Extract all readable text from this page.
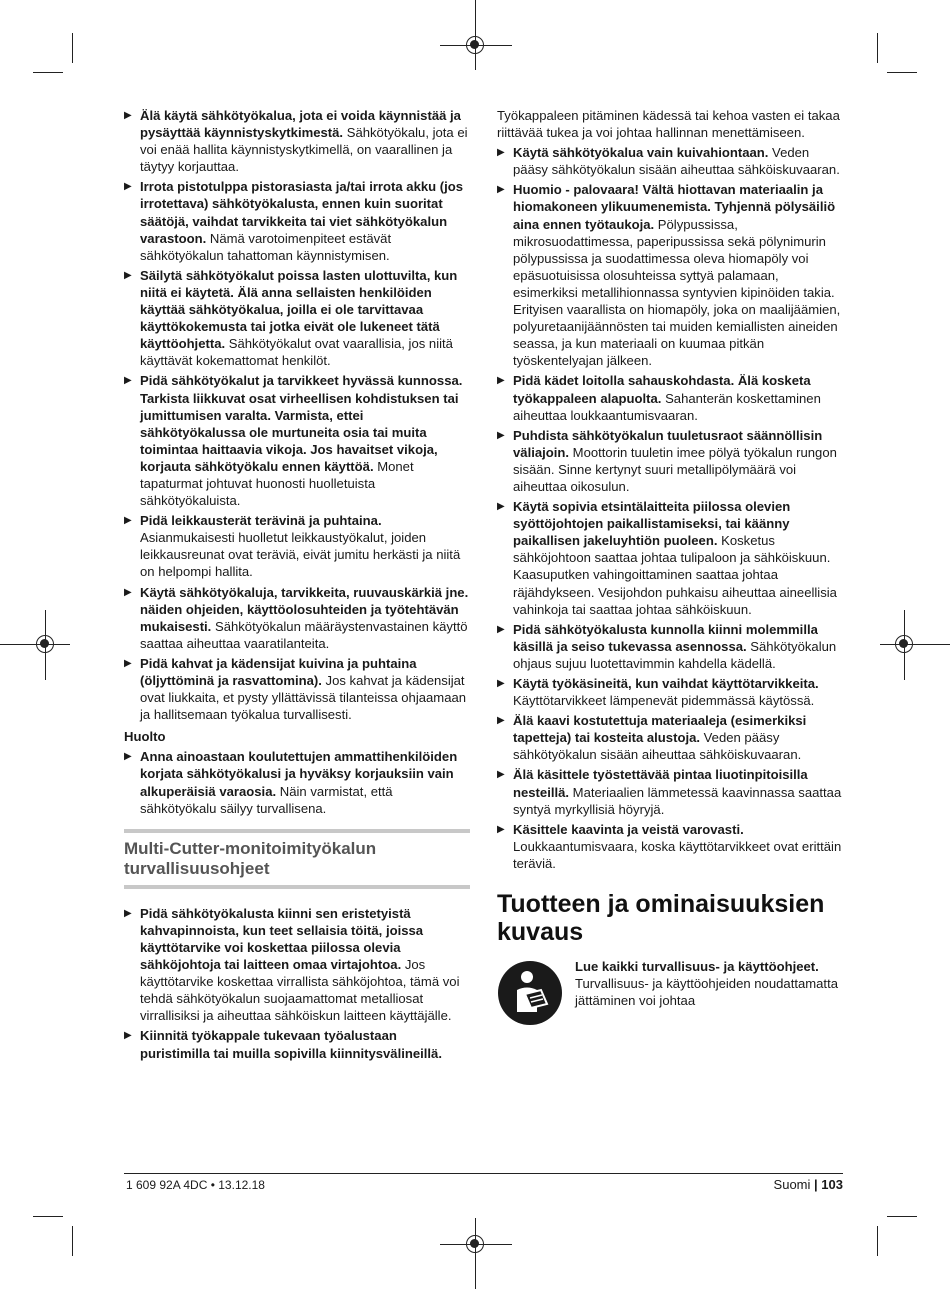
▶ Älä käytä sähkötyökalua, jota ei voida käynnistää ja pysäyttää käynnistyskytkimestä. Sähkötyökalu, jota ei voi enää hallita käynnistyskytkimellä, on vaarallinen ja täytyy korjauttaa.
▶ Irrota pistotulppa pistorasiasta ja/tai irrota akku (jos irrotettava) sähkötyökalusta, ennen kuin suoritat säätöjä, vaihdat tarvikkeita tai viet sähkötyökalun varastoon. Nämä varotoimenpiteet estävät sähkötyökalun tahattoman käynnistymisen.
▶ Säilytä sähkötyökalut poissa lasten ulottuvilta, kun niitä ei käytetä. Älä anna sellaisten henkilöiden käyttää sähkötyökalua, joilla ei ole tarvittavaa käyttökokemusta tai jotka eivät ole lukeneet tätä käyttöohjetta. Sähkötyökalut ovat vaarallisia, jos niitä käyttävät kokemattomat henkilöt.
▶ Pidä sähkötyökalut ja tarvikkeet hyvässä kunnossa. Tarkista liikkuvat osat virheellisen kohdistuksen tai jumittumisen varalta. Varmista, ettei sähkötyökalussa ole murtuneita osia tai muita toimintaa haittaavia vikoja. Jos havaitset vikoja, korjauta sähkötyökalu ennen käyttöä. Monet tapaturmat johtuvat huonosti huolletuista sähkötyökaluista.
▶ Pidä leikkausterät terävinä ja puhtaina. Asianmukaisesti huolletut leikkaustyökalut, joiden leikkausreunat ovat teräviä, eivät jumitu herkästi ja niitä on helpompi hallita.
▶ Käytä sähkötyökaluja, tarvikkeita, ruuvauskärkiä jne. näiden ohjeiden, käyttöolosuhteiden ja työtehtävän mukaisesti. Sähkötyökalun määräystenvastainen käyttö saattaa aiheuttaa vaaratilanteita.
▶ Pidä kahvat ja kädensijat kuivina ja puhtaina (öljyttöminä ja rasvattomina). Jos kahvat ja kädensijat ovat liukkaita, et pysty yllättävissä tilanteissa ohjaamaan ja hallitsemaan työkalua turvallisesti.
Huolto
▶ Anna ainoastaan koulutettujen ammattihenkilöiden korjata sähkötyökalusi ja hyväksy korjauksiin vain alkuperäisiä varaosia. Näin varmistat, että sähkötyökalu säilyy turvallisena.
Multi-Cutter-monitoimityökalun turvallisuusohjeet
▶ Pidä sähkötyökalusta kiinni sen eristetyistä kahvapinnoista, kun teet sellaisia töitä, joissa käyttötarvike voi koskettaa piilossa olevia sähköjohtoja tai laitteen omaa virtajohtoa. Jos käyttötarvike koskettaa virrallista sähköjohtoa, tämä voi tehdä sähkötyökalun suojaamattomat metalliosat virrallisiksi ja aiheuttaa sähköiskun laitteen käyttäjälle.
▶ Kiinnitä työkappale tukevaan työalustaan puristimilla tai muilla sopivilla kiinnitysvälineillä.
Työkappaleen pitäminen kädessä tai kehoa vasten ei takaa riittävää tukea ja voi johtaa hallinnan menettämiseen.
▶ Käytä sähkötyökalua vain kuivahiontaan. Veden pääsy sähkötyökalun sisään aiheuttaa sähköiskuvaaran.
▶ Huomio - palovaara! Vältä hiottavan materiaalin ja hiomakoneen ylikuumenemista. Tyhjennä pölysäiliö aina ennen työtaukoja. Pölypussissa, mikrosuodattimessa, paperipussissa sekä pölynimurin pölypussissa ja suodattimessa oleva hiomapöly voi epäsuotuisissa olosuhteissa syttyä palamaan, esimerkiksi metallihionnassa syntyvien kipinöiden takia. Erityisen vaarallista on hiomapöly, joka on maalijäämien, polyuretaanijäännösten tai muiden kemiallisten aineiden seassa, ja kun materiaali on kuumaa pitkän työskentelyajan jälkeen.
▶ Pidä kädet loitolla sahauskohdasta. Älä kosketa työkappaleen alapuolta. Sahanterän koskettaminen aiheuttaa loukkaantumisvaaran.
▶ Puhdista sähkötyökalun tuuletusraot säännöllisin väliajoin. Moottorin tuuletin imee pölyä työkalun rungon sisään. Sinne kertynyt suuri metallipölymäärä voi aiheuttaa oikosulun.
▶ Käytä sopivia etsintälaitteita piilossa olevien syöttöjohtojen paikallistamiseksi, tai käänny paikallisen jakeluyhtiön puoleen. Kosketus sähköjohtoon saattaa johtaa tulipaloon ja sähköiskuun. Kaasuputken vahingoittaminen saattaa johtaa räjähdykseen. Vesijohdon puhkaisu aiheuttaa aineellisia vahinkoja tai saattaa johtaa sähköiskuun.
▶ Pidä sähkötyökalusta kunnolla kiinni molemmilla käsillä ja seiso tukevassa asennossa. Sähkötyökalun ohjaus sujuu luotettavimmin kahdella kädellä.
▶ Käytä työkäsineitä, kun vaihdat käyttötarvikkeita. Käyttötarvikkeet lämpenevät pidemmässä käytössä.
▶ Älä kaavi kostutettuja materiaaleja (esimerkiksi tapetteja) tai kosteita alustoja. Veden pääsy sähkötyökalun sisään aiheuttaa sähköiskuvaaran.
▶ Älä käsittele työstettävää pintaa liuotinpitoisilla nesteillä. Materiaalien lämmetessä kaavinnassa saattaa syntyä myrkyllisiä höyryjä.
▶ Käsittele kaavinta ja veistä varovasti. Loukkaantumisvaara, koska käyttötarvikkeet ovat erittäin teräviä.
Tuotteen ja ominaisuuksien kuvaus
Lue kaikki turvallisuus- ja käyttöohjeet. Turvallisuus- ja käyttöohjeiden noudattamatta jättäminen voi johtaa
1 609 92A 4DC • 13.12.18	Suomi | 103
